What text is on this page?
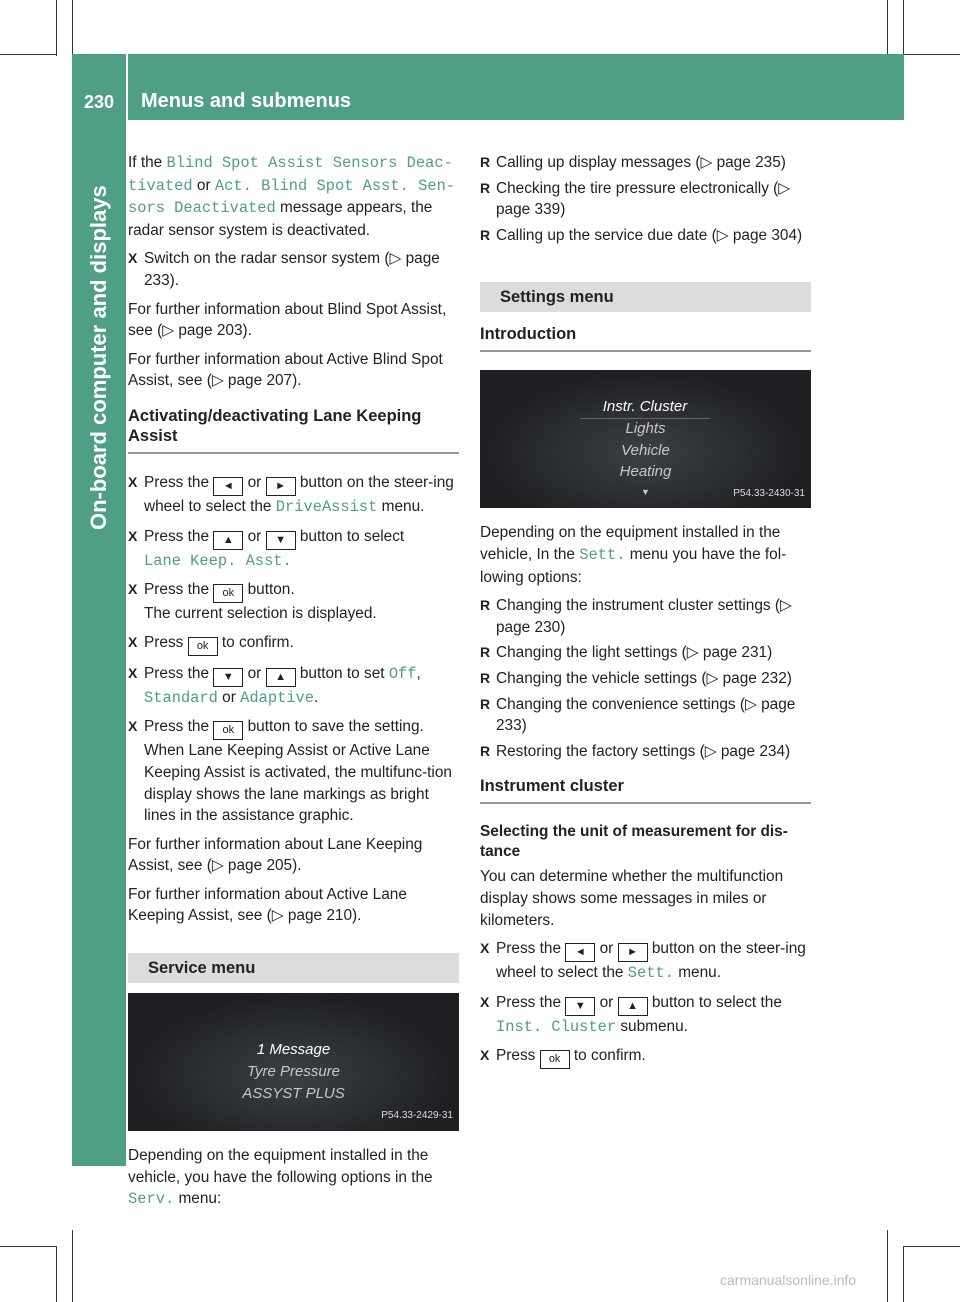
230 Menus and submenus

If the Blind Spot Assist Sensors Deac‐tivated or Act. Blind Spot Asst. Sen‐sors Deactivated message appears, the radar sensor system is deactivated.

X Switch on the radar sensor system (▷ page 233).

For further information about Blind Spot Assist, see (▷ page 203).

For further information about Active Blind Spot Assist, see (▷ page 207).

Activating/deactivating Lane Keeping Assist
X Press the ◄ or ► button on the steer-ing wheel to select the DriveAssist menu.
X Press the ▲ or ▼ button to select
Lane Keep. Asst.
X Press the ok button.
The current selection is displayed.
X Press ok to confirm.
X Press the ▼ or ▲ button to set Off,
Standard or Adaptive.
X Press the ok button to save the setting.
When Lane Keeping Assist or Active Lane Keeping Assist is activated, the multifunc-tion display shows the lane markings as bright lines in the assistance graphic.

For further information about Lane Keeping Assist, see (▷ page 205).

For further information about Active Lane Keeping Assist, see (▷ page 210).

Service menu
1 Message
Tyre Pressure
ASSYST PLUS
P54.33-2429-31

Depending on the equipment installed in the vehicle, you have the following options in the Serv. menu:

R Calling up display messages (▷ page 235)
R Checking the tire pressure electronically (▷ page 339)
R Calling up the service due date (▷ page 304)
Settings menu
Introduction
Instr. Cluster
Lights
Vehicle
Heating
▼	P54.33-2430-31

Depending on the equipment installed in the vehicle, In the Sett. menu you have the fol-lowing options:

R Changing the instrument cluster settings (▷ page 230)
R Changing the light settings (▷ page 231)
R Changing the vehicle settings (▷ page 232)
R Changing the convenience settings (▷ page 233)
R Restoring the factory settings (▷ page 234)
Instrument cluster
Selecting the unit of measurement for dis-tance

You can determine whether the multifunction display shows some messages in miles or kilometers.

X Press the ◄ or ► button on the steer-ing wheel to select the Sett. menu.
X Press the ▼ or ▲ button to select the
Inst. Cluster submenu.
X Press ok to confirm.
carmanualsonline.info
